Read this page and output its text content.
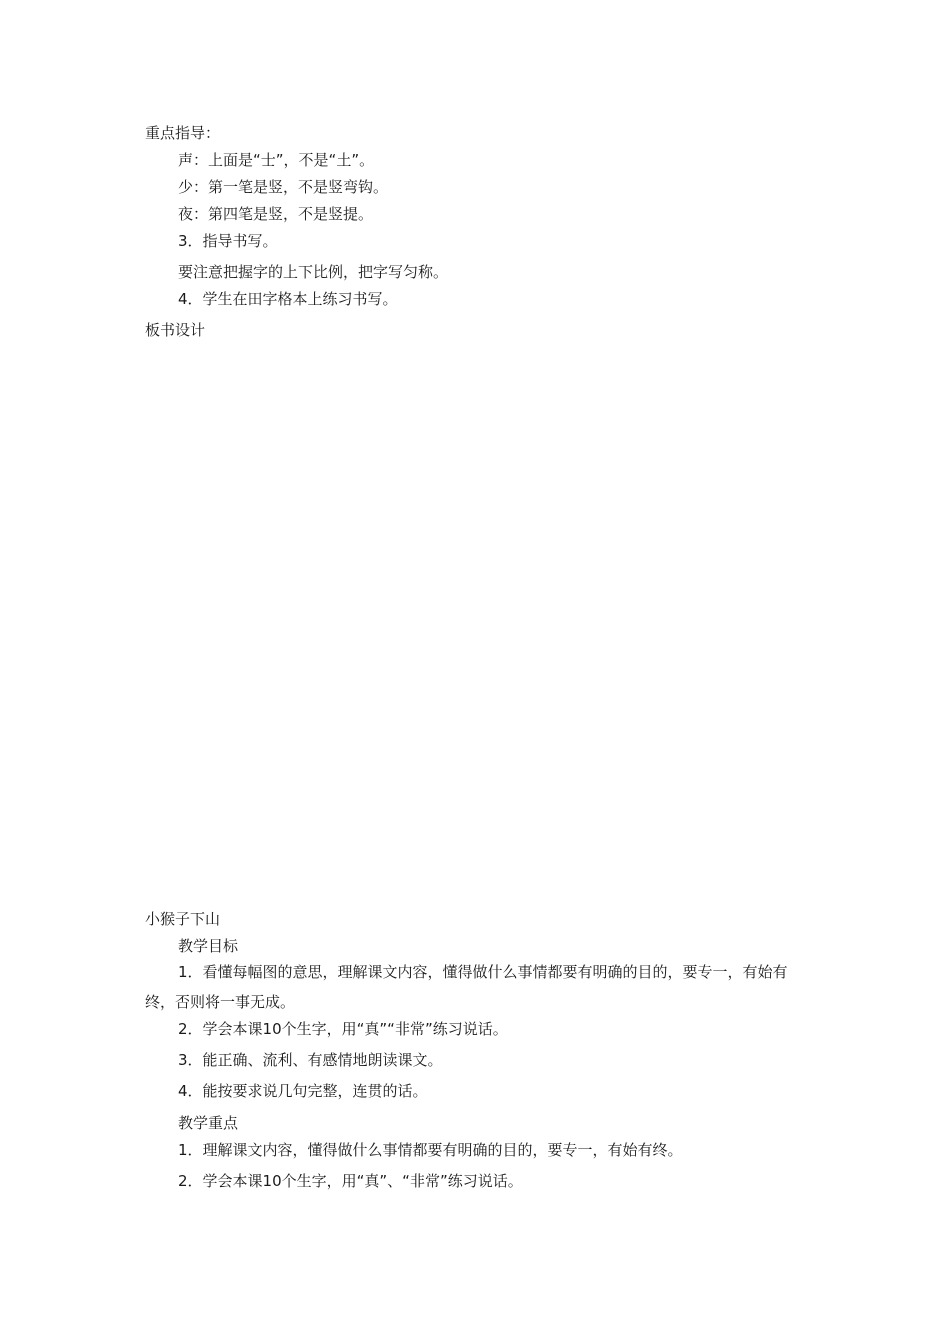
重点指导：
声：上面是“士”，不是“土”。
少：第一笔是竖，不是竖弯钩。
夜：第四笔是竖，不是竖提。
3．指导书写。
要注意把握字的上下比例，把字写匀称。
4．学生在田字格本上练习书写。
板书设计
小猴子下山
教学目标
1．看懂每幅图的意思，理解课文内容，懂得做什么事情都要有明确的目的，要专一，有始有终，否则将一事无成。
2．学会本课10个生字，用“真”“非常”练习说话。
3．能正确、流利、有感情地朗读课文。
4．能按要求说几句完整，连贯的话。
教学重点
1．理解课文内容，懂得做什么事情都要有明确的目的，要专一，有始有终。
2．学会本课10个生字，用“真”、“非常”练习说话。
